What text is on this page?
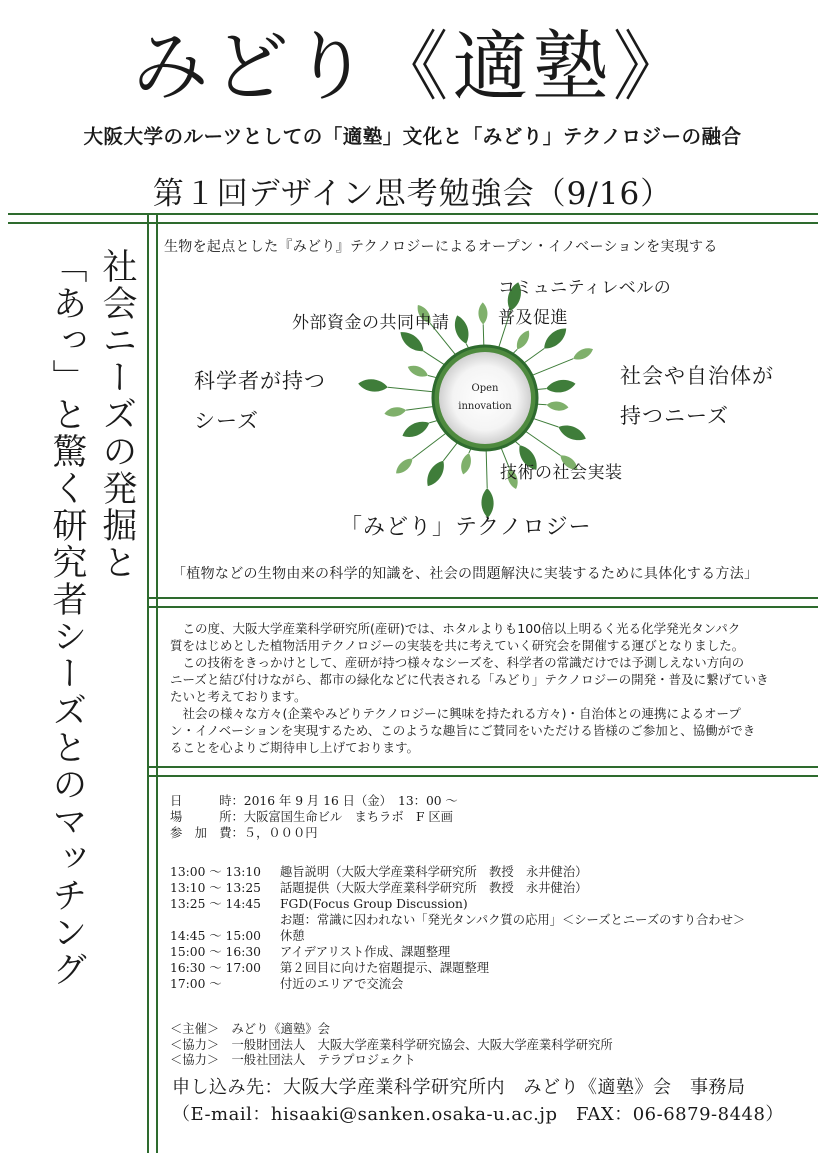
みどり《適塾》
大阪大学のルーツとしての「適塾」文化と「みどり」テクノロジーの融合
第１回デザイン思考勉強会（9/16）
社会ニーズの発掘と
「あっ」と驚く研究者シーズとのマッチング
生物を起点とした『みどり』テクノロジーによるオープン・イノベーションを実現する
Open
innovation
外部資金の共同申請
コミュニティレベルの
普及促進
科学者が持つ
シーズ
社会や自治体が
持つニーズ
技術の社会実装
「みどり」テクノロジー
「植物などの生物由来の科学的知識を、社会の問題解決に実装するために具体化する方法」

　この度、大阪大学産業科学研究所(産研)では、ホタルよりも100倍以上明るく光る化学発光タンパク

質をはじめとした植物活用テクノロジーの実装を共に考えていく研究会を開催する運びとなりました。

　この技術をきっかけとして、産研が持つ様々なシーズを、科学者の常識だけでは予測しえない方向の

ニーズと結び付けながら、都市の緑化などに代表される「みどり」テクノロジーの開発・普及に繋げていき

たいと考えております。

　社会の様々な方々(企業やみどりテクノロジーに興味を持たれる方々)・自治体との連携によるオープ

ン・イノベーションを実現するため、このような趣旨にご賛同をいただける皆様のご参加と、協働ができ

ることを心よりご期待申し上げております。

日　　　時：2016 年 9 月 16 日（金）　13：00 ～
場　　　所：大阪富国生命ビル　まちラボ　F 区画
参　加　費：５，０００円
13:00 ～ 13:10	趣旨説明（大阪大学産業科学研究所　教授　永井健治）
13:10 ～ 13:25	話題提供（大阪大学産業科学研究所　教授　永井健治）
13:25 ～ 14:45	FGD(Focus Group Discussion)
お題：常識に囚われない「発光タンパク質の応用」＜シーズとニーズのすり合わせ＞
14:45 ～ 15:00	休憩
15:00 ～ 16:30	アイデアリスト作成、課題整理
16:30 ～ 17:00	第２回目に向けた宿題提示、課題整理
17:00 ～	付近のエリアで交流会
＜主催＞　みどり《適塾》会
＜協力＞　一般財団法人　大阪大学産業科学研究協会、大阪大学産業科学研究所
＜協力＞　一般社団法人　テラプロジェクト
申し込み先：大阪大学産業科学研究所内　みどり《適塾》会　事務局
（E-mail：hisaaki@sanken.osaka-u.ac.jp　FAX：06-6879-8448）
